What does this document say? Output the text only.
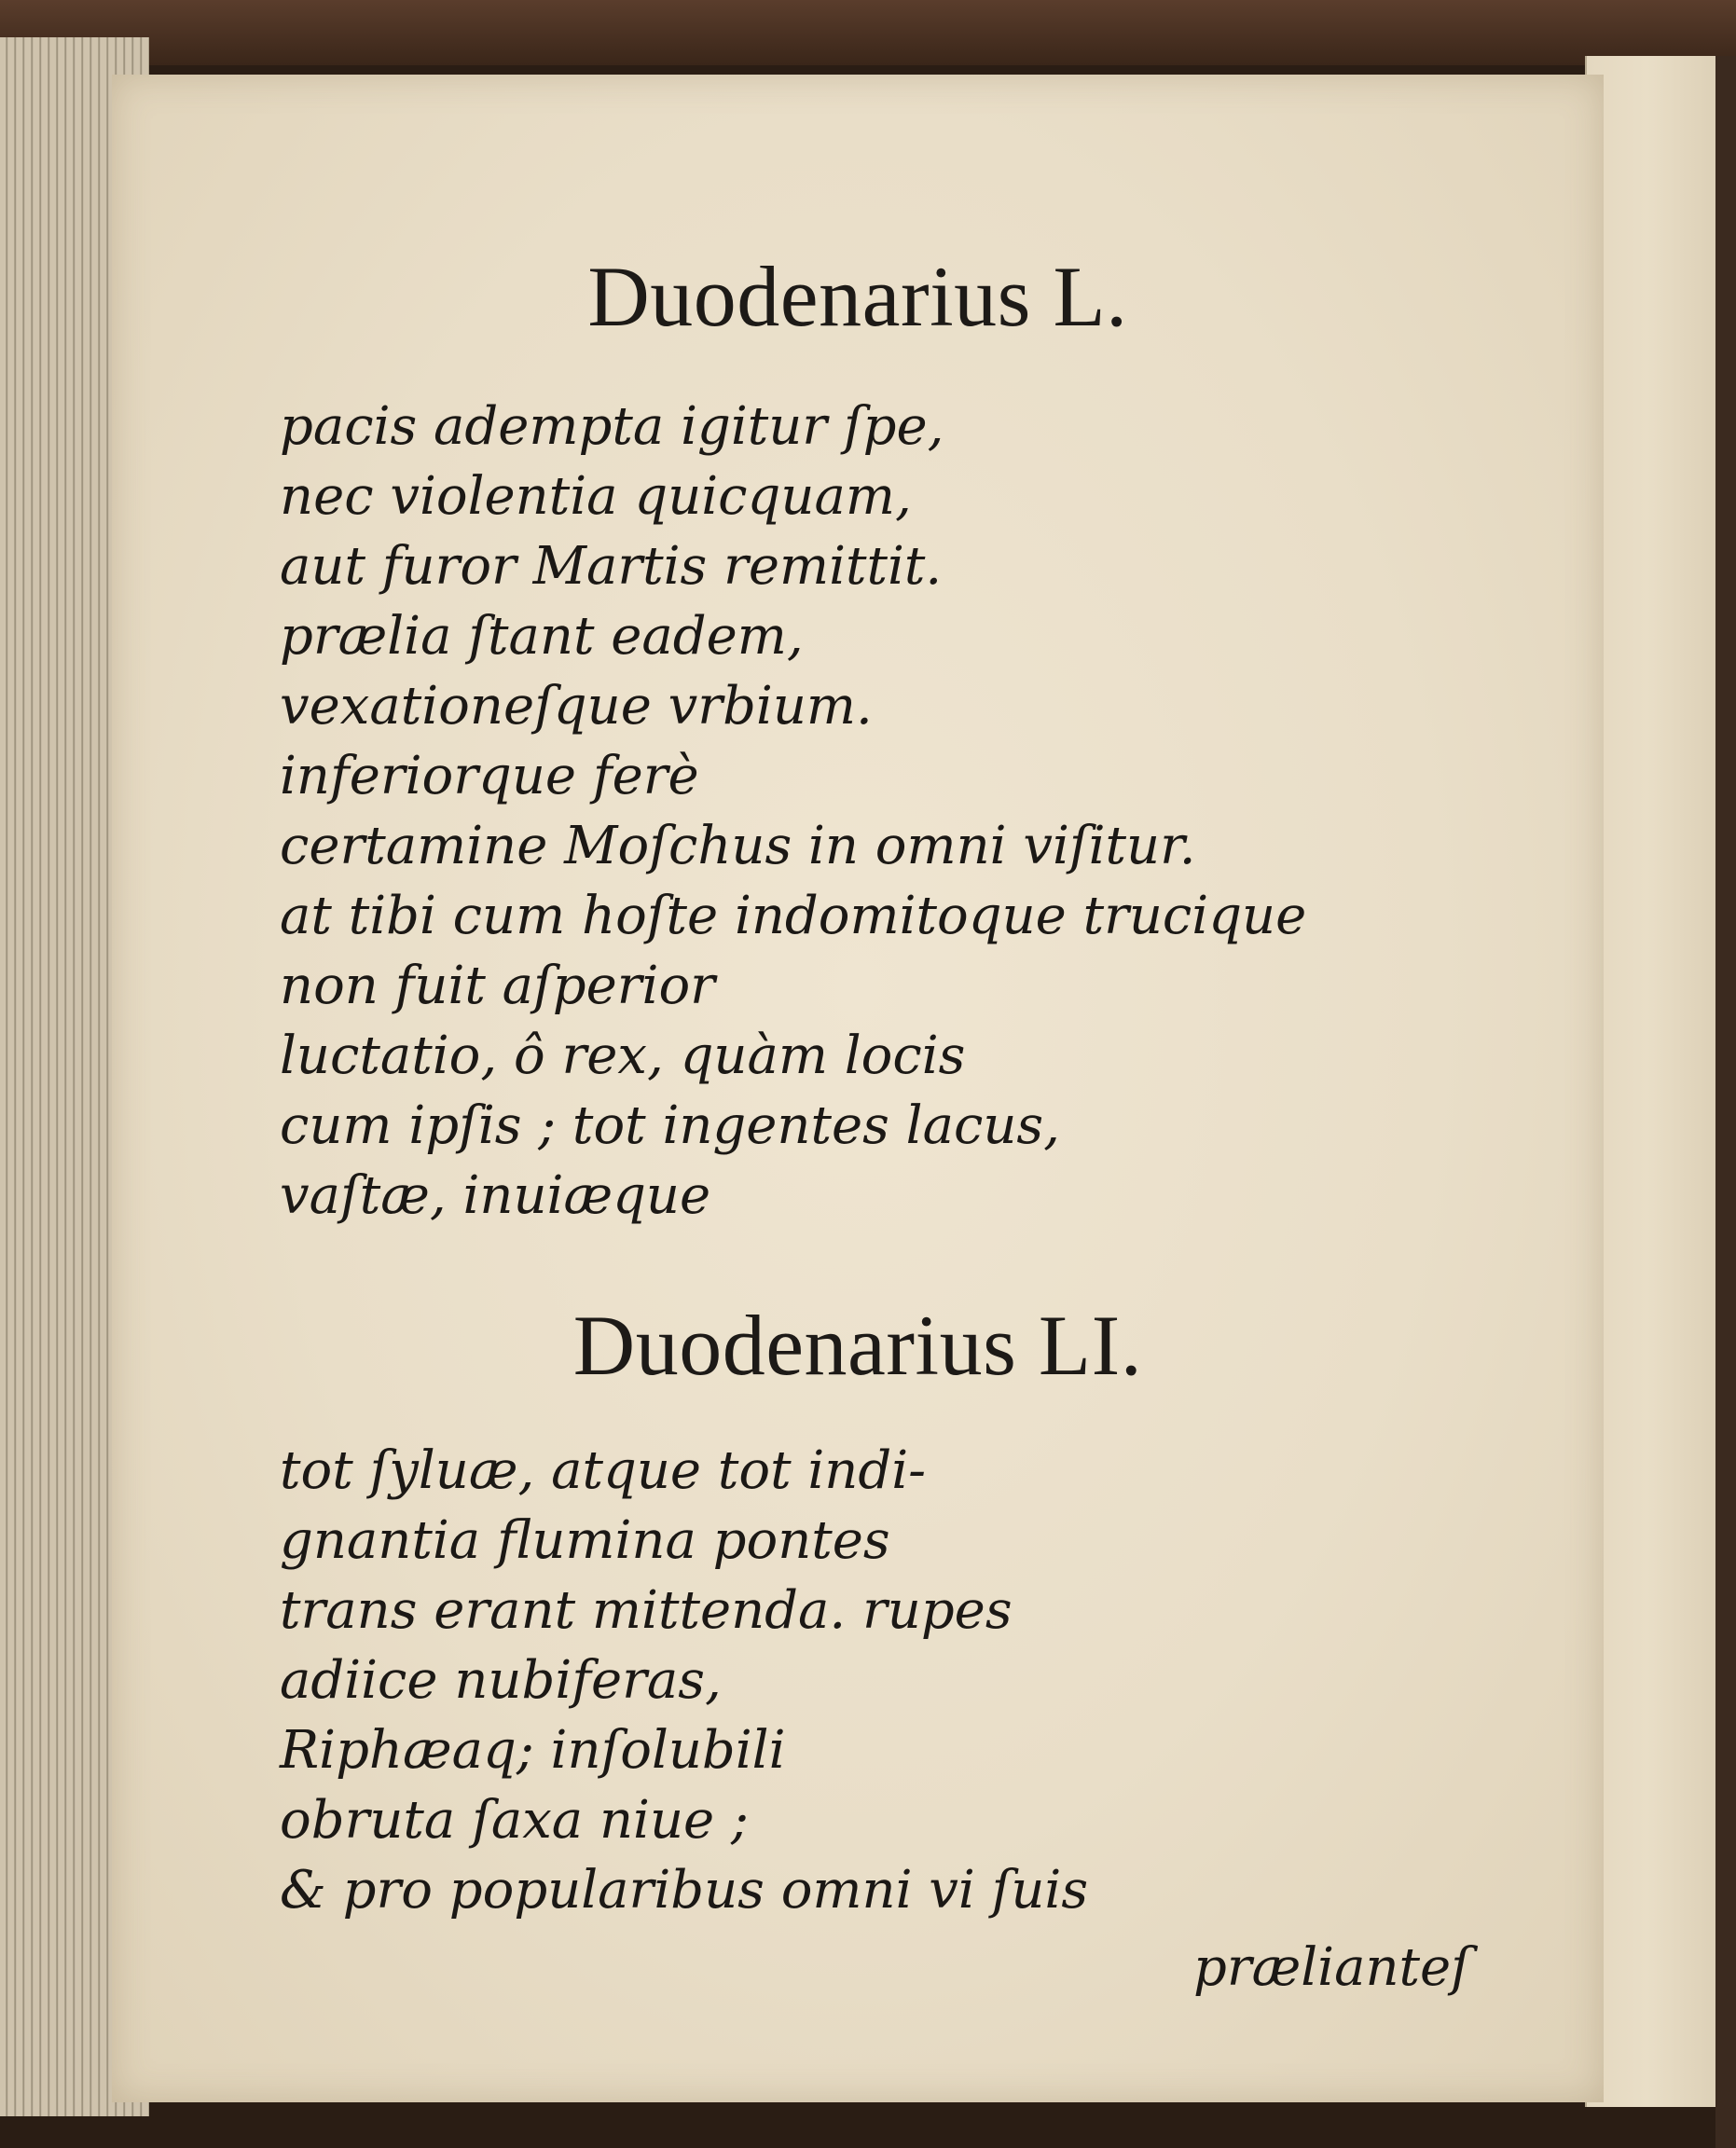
Duodenarius L.
pacis adempta igitur ſpe,
nec violentia quicquam,
aut furor Martis remittit.
prælia ſtant eadem,
vexationeſque vrbium.
inferiorque ferè
certamine Moſchus in omni viſitur.
at tibi cum hoſte indomitoque trucique
non fuit aſperior
luctatio, ô rex, quàm locis
cum ipſis ; tot ingentes lacus,
vaſtæ, inuiæque
Duodenarius LI.
tot ſyluæ, atque tot indi-
gnantia flumina pontes
trans erant mittenda. rupes
adiice nubiferas,
Riphæaq; inſolubili
obruta ſaxa niue ;
& pro popularibus omni vi ſuis
prælianteſ
